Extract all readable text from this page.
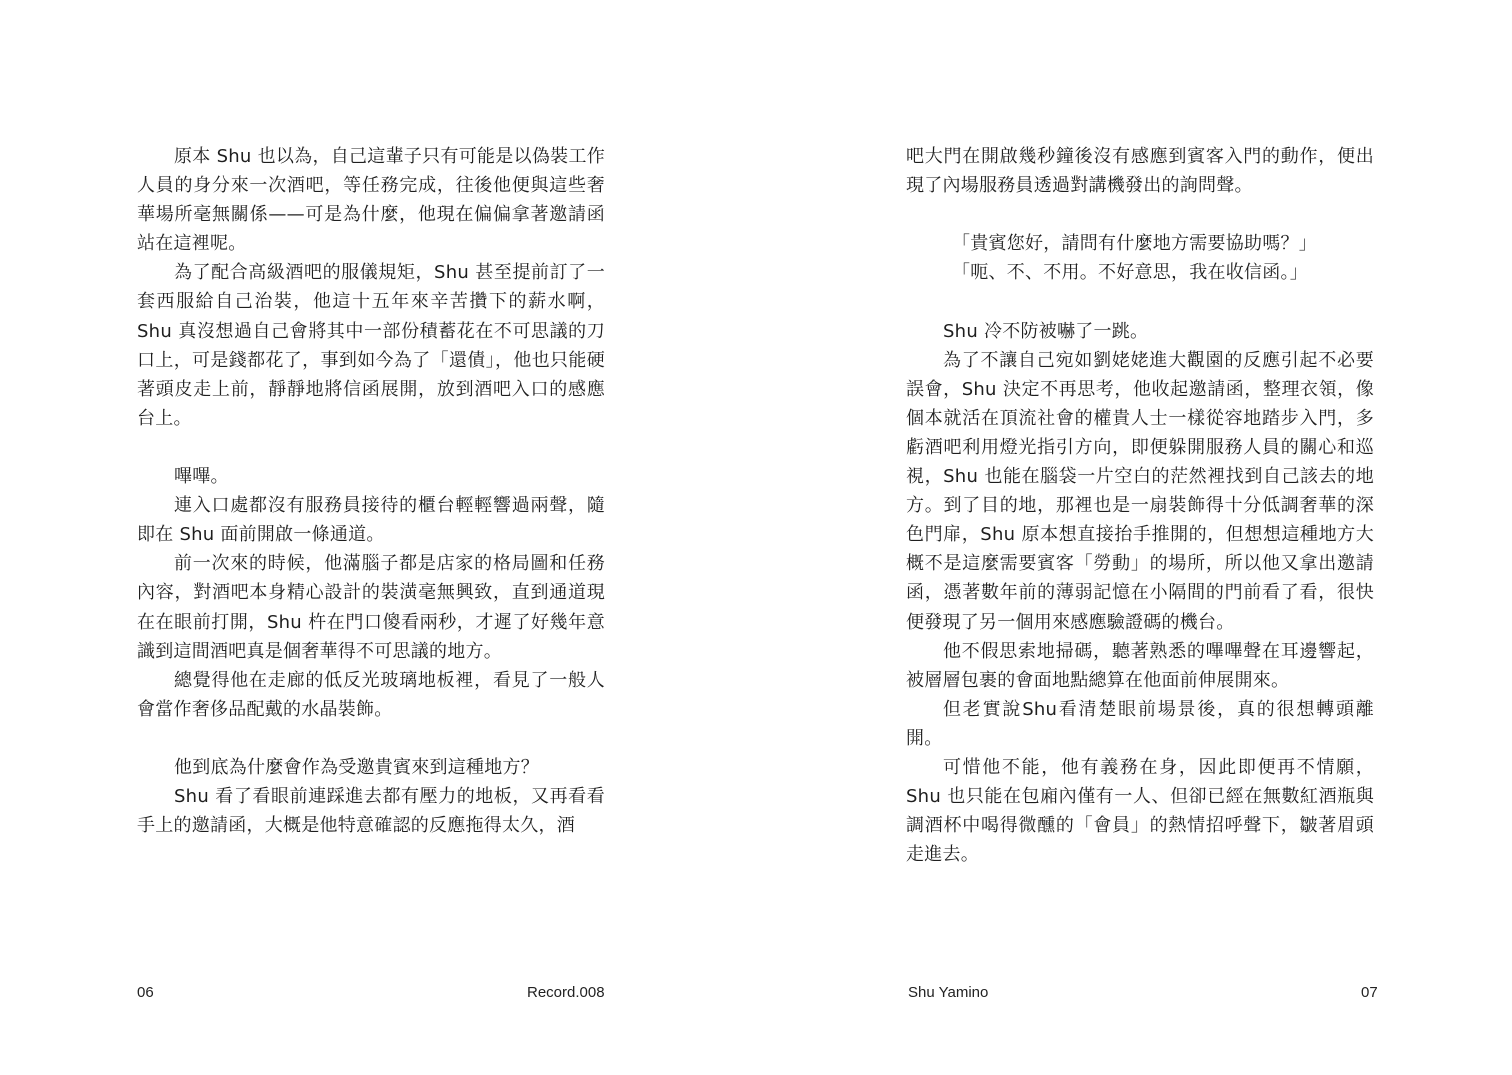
原本 Shu 也以為，自己這輩子只有可能是以偽裝工作人員的身分來一次酒吧，等任務完成，往後他便與這些奢華場所毫無關係——可是為什麼，他現在偏偏拿著邀請函站在這裡呢。

為了配合高級酒吧的服儀規矩，Shu 甚至提前訂了一套西服給自己治裝，他這十五年來辛苦攢下的薪水啊，Shu 真沒想過自己會將其中一部份積蓄花在不可思議的刀口上，可是錢都花了，事到如今為了「還債」，他也只能硬著頭皮走上前，靜靜地將信函展開，放到酒吧入口的感應台上。

嗶嗶。

連入口處都沒有服務員接待的櫃台輕輕響過兩聲，隨即在 Shu 面前開啟一條通道。

前一次來的時候，他滿腦子都是店家的格局圖和任務內容，對酒吧本身精心設計的裝潢毫無興致，直到通道現在在眼前打開，Shu 杵在門口傻看兩秒，才遲了好幾年意識到這間酒吧真是個奢華得不可思議的地方。

總覺得他在走廊的低反光玻璃地板裡，看見了一般人會當作奢侈品配戴的水晶裝飾。

他到底為什麼會作為受邀貴賓來到這種地方？

Shu 看了看眼前連踩進去都有壓力的地板，又再看看手上的邀請函，大概是他特意確認的反應拖得太久，酒

06	Record.008

吧大門在開啟幾秒鐘後沒有感應到賓客入門的動作，便出現了內場服務員透過對講機發出的詢問聲。

「貴賓您好，請問有什麼地方需要協助嗎？」

「呃、不、不用。不好意思，我在收信函。」

Shu 冷不防被嚇了一跳。

為了不讓自己宛如劉姥姥進大觀園的反應引起不必要誤會，Shu 決定不再思考，他收起邀請函，整理衣領，像個本就活在頂流社會的權貴人士一樣從容地踏步入門，多虧酒吧利用燈光指引方向，即便躲開服務人員的關心和巡視，Shu 也能在腦袋一片空白的茫然裡找到自己該去的地方。到了目的地，那裡也是一扇裝飾得十分低調奢華的深色門扉，Shu 原本想直接抬手推開的，但想想這種地方大概不是這麼需要賓客「勞動」的場所，所以他又拿出邀請函，憑著數年前的薄弱記憶在小隔間的門前看了看，很快便發現了另一個用來感應驗證碼的機台。

他不假思索地掃碼，聽著熟悉的嗶嗶聲在耳邊響起，被層層包裹的會面地點總算在他面前伸展開來。

但老實說Shu看清楚眼前場景後，真的很想轉頭離開。

可惜他不能，他有義務在身，因此即便再不情願，Shu 也只能在包廂內僅有一人、但卻已經在無數紅酒瓶與調酒杯中喝得微醺的「會員」的熱情招呼聲下，皺著眉頭走進去。

Shu Yamino	07
